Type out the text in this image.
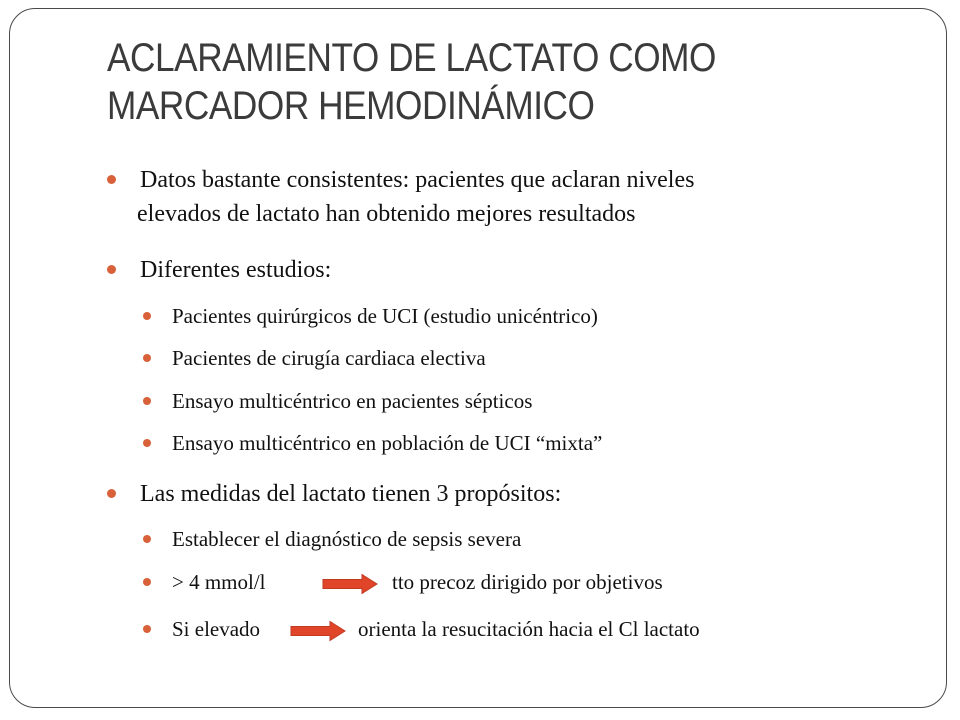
ACLARAMIENTO DE LACTATO COMO
MARCADOR HEMODINÁMICO
Datos bastante consistentes: pacientes que aclaran niveles
elevados de lactato han obtenido mejores resultados
Diferentes estudios:
Pacientes quirúrgicos de UCI (estudio unicéntrico)
Pacientes de cirugía cardiaca electiva
Ensayo multicéntrico en pacientes sépticos
Ensayo multicéntrico en población de UCI “mixta”
Las medidas del lactato tienen 3 propósitos:
Establecer el diagnóstico de sepsis severa
> 4 mmol/l	tto precoz dirigido por objetivos
Si elevado	orienta la resucitación hacia el Cl lactato
